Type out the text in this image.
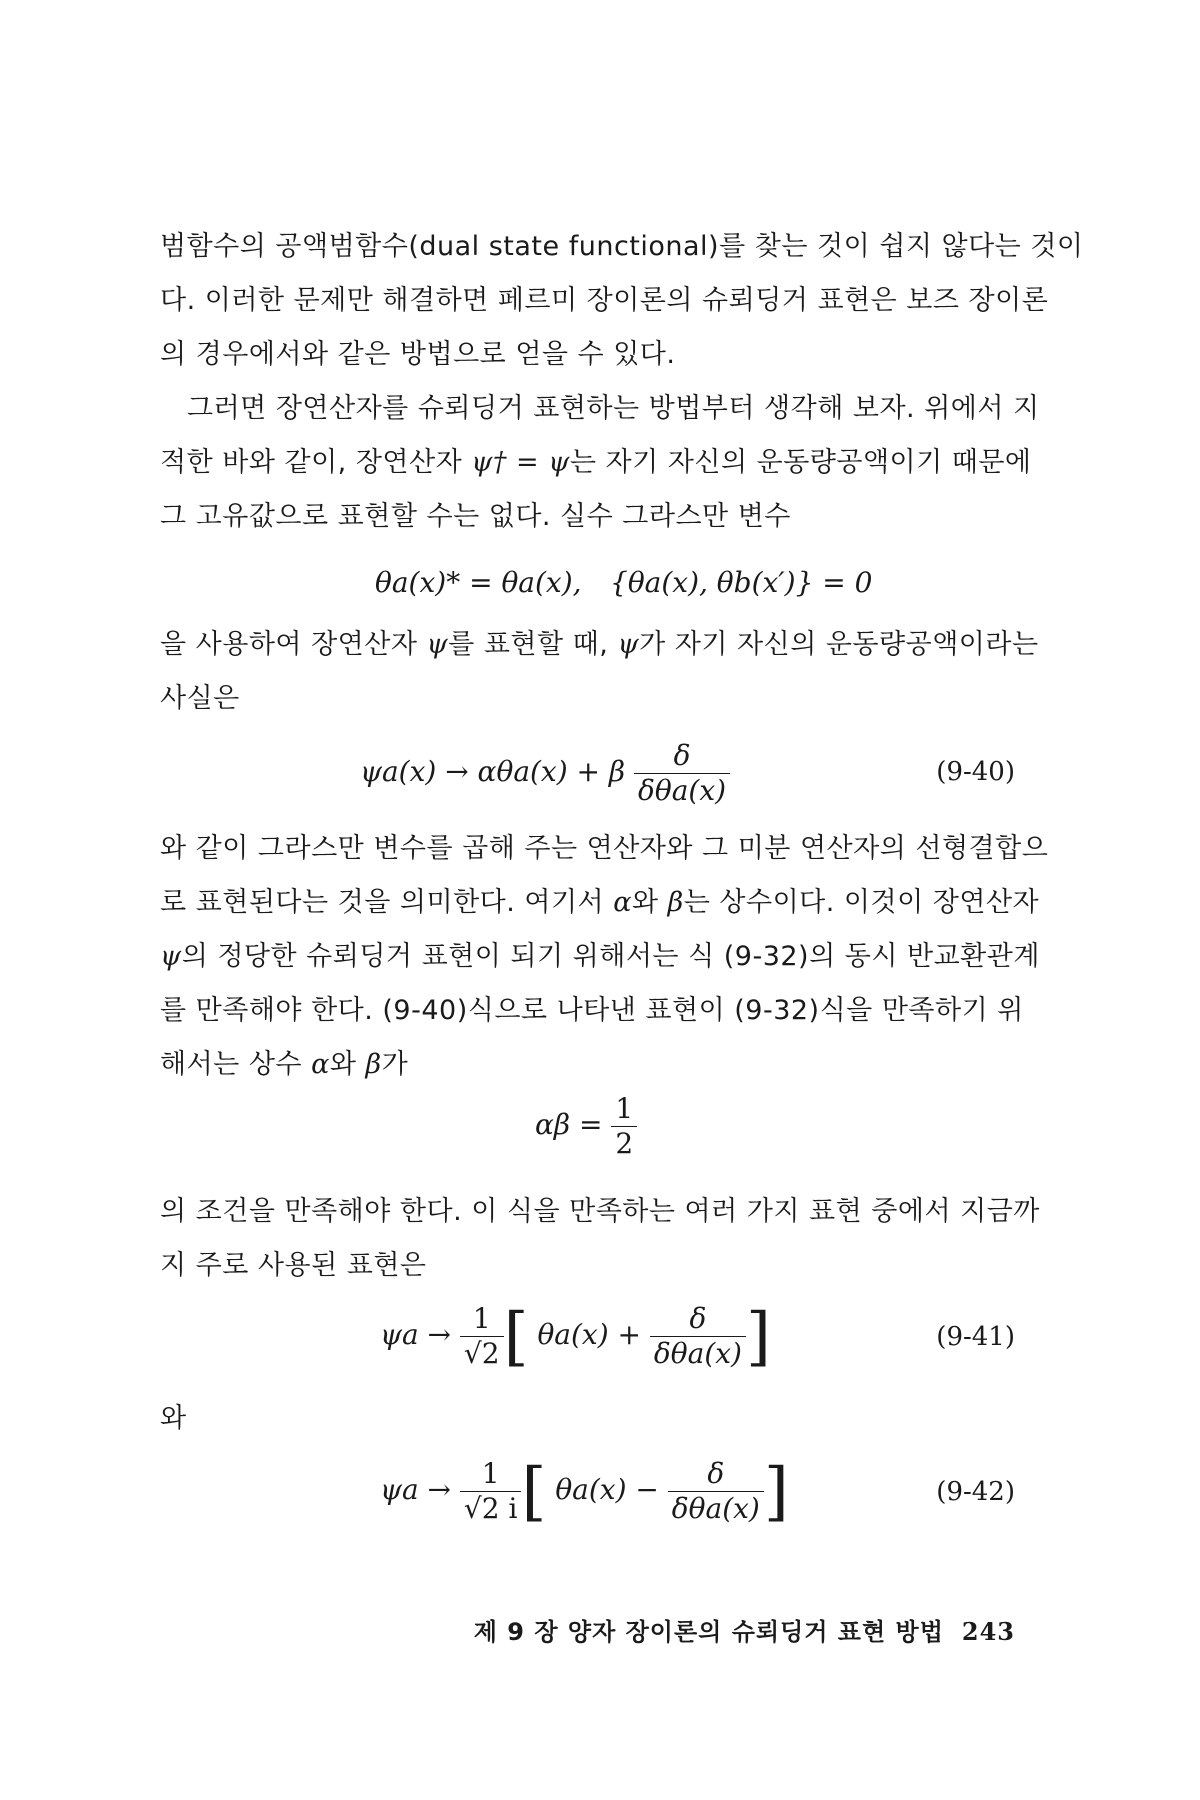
범함수의 공액범함수(dual state functional)를 찾는 것이 쉽지 않다는 것이
다. 이러한 문제만 해결하면 페르미 장이론의 슈뢰딩거 표현은 보즈 장이론
의 경우에서와 같은 방법으로 얻을 수 있다.
그러면 장연산자를 슈뢰딩거 표현하는 방법부터 생각해 보자. 위에서 지
적한 바와 같이, 장연산자 ψ† = ψ는 자기 자신의 운동량공액이기 때문에
그 고유값으로 표현할 수는 없다. 실수 그라스만 변수
θa(x)* = θa(x), {θa(x), θb(x′)} = 0
을 사용하여 장연산자 ψ를 표현할 때, ψ가 자기 자신의 운동량공액이라는
사실은
ψa(x) → αθa(x) + β $\frac{\delta}{\text{δθa(x)}}$	(9-40)
와 같이 그라스만 변수를 곱해 주는 연산자와 그 미분 연산자의 선형결합으
로 표현된다는 것을 의미한다. 여기서 α와 β는 상수이다. 이것이 장연산자
ψ의 정당한 슈뢰딩거 표현이 되기 위해서는 식 (9-32)의 동시 반교환관계
를 만족해야 한다. (9-40)식으로 나타낸 표현이 (9-32)식을 만족하기 위
해서는 상수 α와 β가
$\alpha\beta = \frac{1}{2}$
의 조건을 만족해야 한다. 이 식을 만족하는 여러 가지 표현 중에서 지금까
지 주로 사용된 표현은
$\psi a \to \frac{1}{√2}$ [ $\theta a(x) + \frac{\delta}{\text{δθa(x)}}$ ]	(9-41)
와
$\psi a \to \frac{1}{√2 i}$ [ $\theta a(x) - \frac{\delta}{\text{δθa(x)}}$ ]	(9-42)
제 9 장 양자 장이론의 슈뢰딩거 표현 방법 243
